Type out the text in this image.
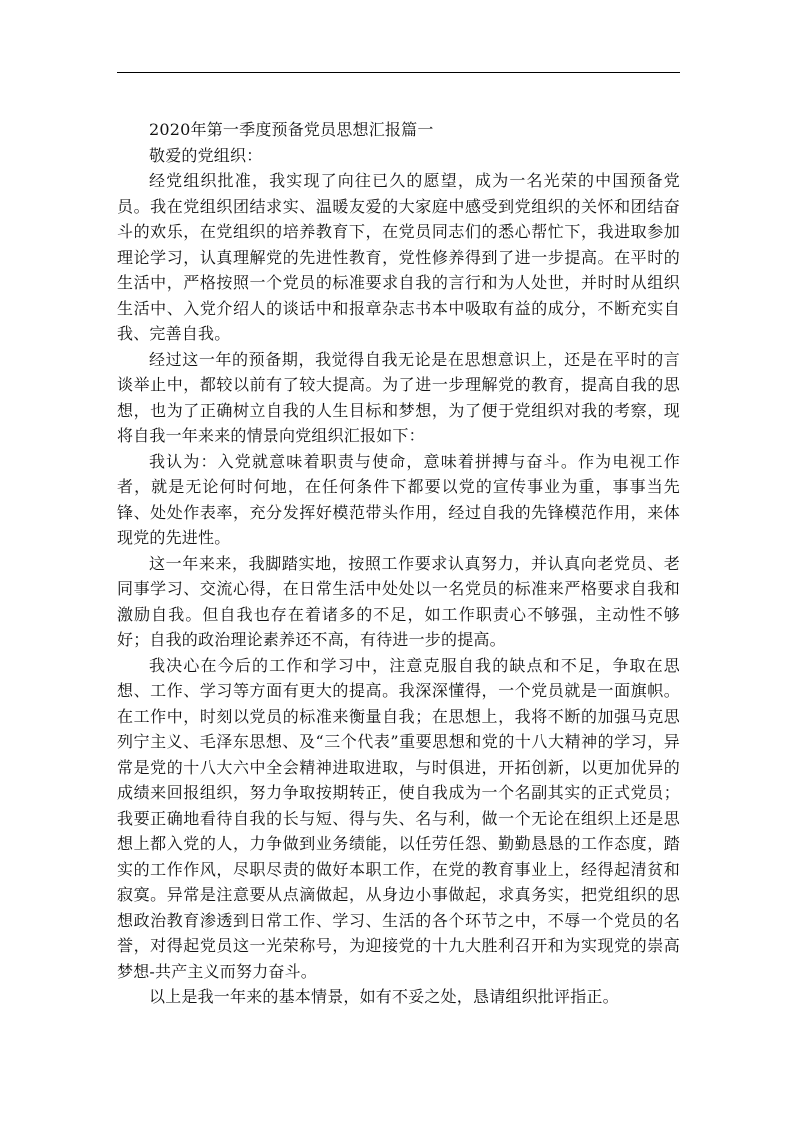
2020年第一季度预备党员思想汇报篇一

敬爱的党组织：

经党组织批准，我实现了向往已久的愿望，成为一名光荣的中国预备党员。我在党组织团结求实、温暖友爱的大家庭中感受到党组织的关怀和团结奋斗的欢乐，在党组织的培养教育下，在党员同志们的悉心帮忙下，我进取参加理论学习，认真理解党的先进性教育，党性修养得到了进一步提高。在平时的生活中，严格按照一个党员的标准要求自我的言行和为人处世，并时时从组织生活中、入党介绍人的谈话中和报章杂志书本中吸取有益的成分，不断充实自我、完善自我。

经过这一年的预备期，我觉得自我无论是在思想意识上，还是在平时的言谈举止中，都较以前有了较大提高。为了进一步理解党的教育，提高自我的思想，也为了正确树立自我的人生目标和梦想，为了便于党组织对我的考察，现将自我一年来来的情景向党组织汇报如下：

我认为：入党就意味着职责与使命，意味着拼搏与奋斗。作为电视工作者，就是无论何时何地，在任何条件下都要以党的宣传事业为重，事事当先锋、处处作表率，充分发挥好模范带头作用，经过自我的先锋模范作用，来体现党的先进性。

这一年来来，我脚踏实地，按照工作要求认真努力，并认真向老党员、老同事学习、交流心得，在日常生活中处处以一名党员的标准来严格要求自我和激励自我。但自我也存在着诸多的不足，如工作职责心不够强，主动性不够好；自我的政治理论素养还不高，有待进一步的提高。

我决心在今后的工作和学习中，注意克服自我的缺点和不足，争取在思想、工作、学习等方面有更大的提高。我深深懂得，一个党员就是一面旗帜。在工作中，时刻以党员的标准来衡量自我；在思想上，我将不断的加强马克思列宁主义、毛泽东思想、及“三个代表”重要思想和党的十八大精神的学习，异常是党的十八大六中全会精神进取进取，与时俱进，开拓创新，以更加优异的成绩来回报组织，努力争取按期转正，使自我成为一个名副其实的正式党员；我要正确地看待自我的长与短、得与失、名与利，做一个无论在组织上还是思想上都入党的人，力争做到业务绩能，以任劳任怨、勤勤恳恳的工作态度，踏实的工作作风，尽职尽责的做好本职工作，在党的教育事业上，经得起清贫和寂寞。异常是注意要从点滴做起，从身边小事做起，求真务实，把党组织的思想政治教育渗透到日常工作、学习、生活的各个环节之中，不辱一个党员的名誉，对得起党员这一光荣称号，为迎接党的十九大胜利召开和为实现党的崇高梦想-共产主义而努力奋斗。

以上是我一年来的基本情景，如有不妥之处，恳请组织批评指正。
